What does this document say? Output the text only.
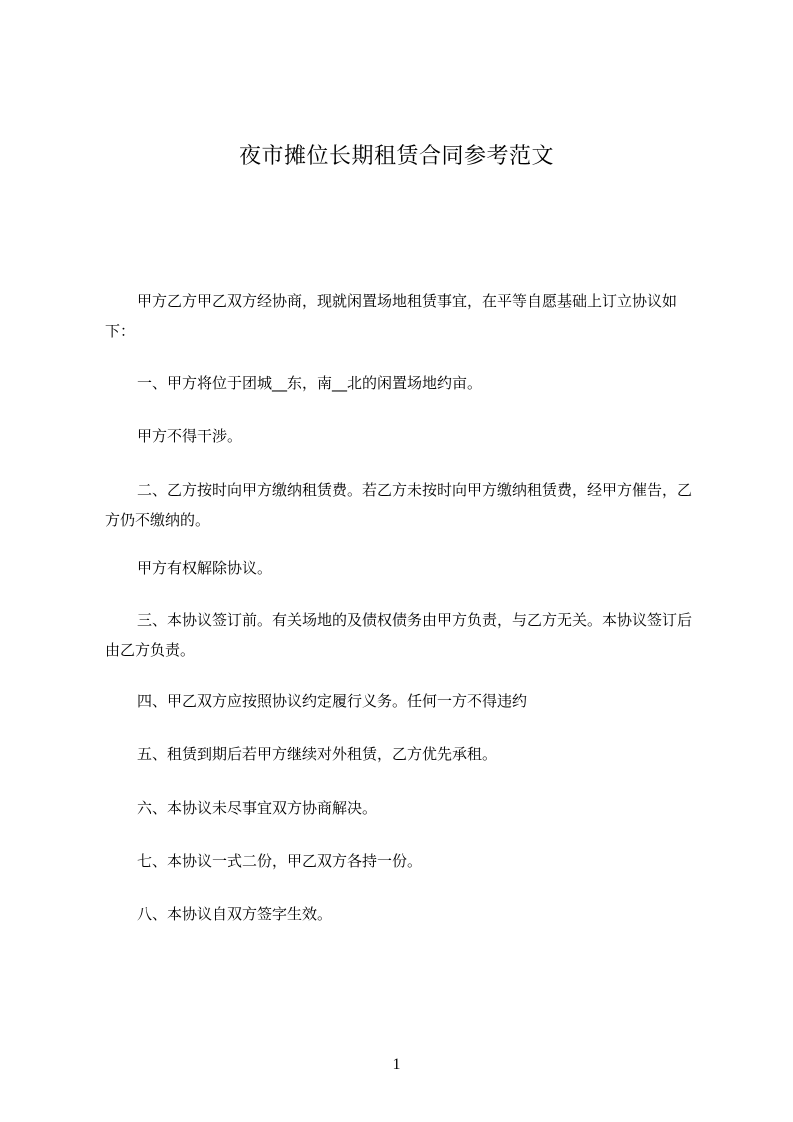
夜市摊位长期租赁合同参考范文

甲方乙方甲乙双方经协商，现就闲置场地租赁事宜，在平等自愿基础上订立协议如下：

一、甲方将位于团城__东，南__北的闲置场地约亩。

甲方不得干涉。

二、乙方按时向甲方缴纳租赁费。若乙方未按时向甲方缴纳租赁费，经甲方催告，乙方仍不缴纳的。

甲方有权解除协议。

三、本协议签订前。有关场地的及债权债务由甲方负责，与乙方无关。本协议签订后由乙方负责。

四、甲乙双方应按照协议约定履行义务。任何一方不得违约

五、租赁到期后若甲方继续对外租赁，乙方优先承租。

六、本协议未尽事宜双方协商解决。

七、本协议一式二份，甲乙双方各持一份。

八、本协议自双方签字生效。

1
